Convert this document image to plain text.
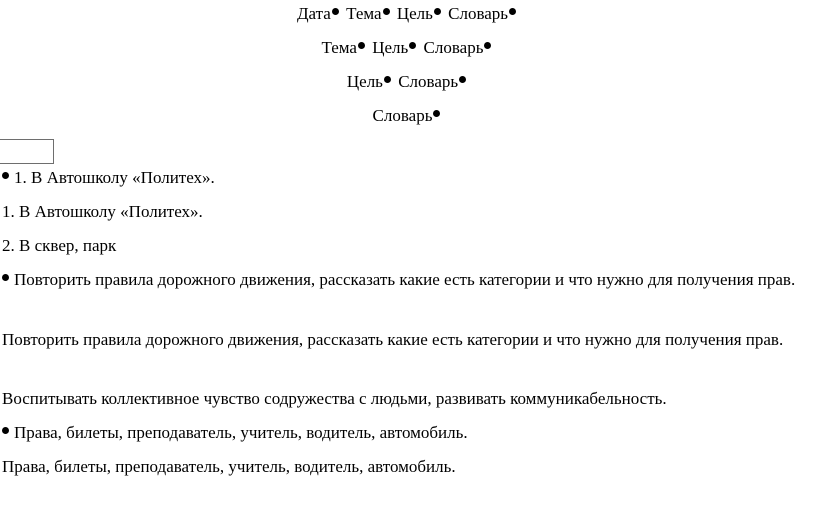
Дата Тема Цель Словарь
Тема Цель Словарь
Цель Словарь
Словарь
1. В Автошколу «Политех».
1. В Автошколу «Политех».
2. В сквер, парк
Повторить правила дорожного движения, рассказать какие есть категории и что нужно для получения прав.
Повторить правила дорожного движения, рассказать какие есть категории и что нужно для получения прав.
Воспитывать коллективное чувство содружества с людьми, развивать коммуникабельность.
Права, билеты, преподаватель, учитель, водитель, автомобиль.
Права, билеты, преподаватель, учитель, водитель, автомобиль.
